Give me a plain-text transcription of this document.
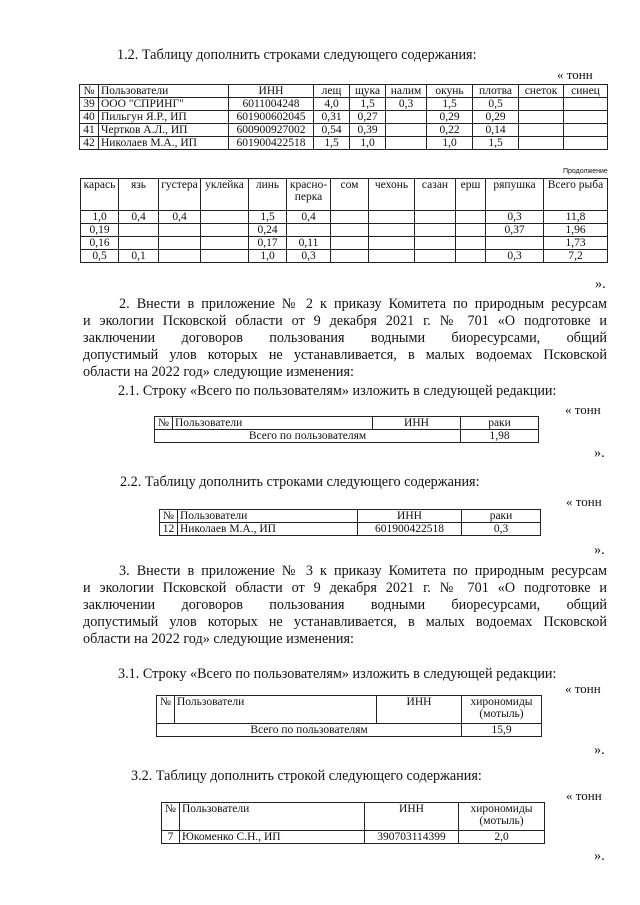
1.2. Таблицу дополнить строками следующего содержания:
« тонн
№	Пользователи	ИНН	лещ	щука	налим	окунь	плотва	снеток	синец
39	ООО "СПРИНГ"	6011004248	4,0	1,5	0,3	1,5	0,5		
40	Пильгун Я.Р., ИП	601900602045	0,31	0,27		0,29	0,29		
41	Чертков А.Л., ИП	600900927002	0,54	0,39		0,22	0,14		
42	Николаев М.А., ИП	601900422518	1,5	1,0		1,0	1,5		
Продолжение
карась	язь	густера	уклейка	линь	красно-перка	сом	чехонь	сазан	ерш	ряпушка	Всего рыба
1,0	0,4	0,4		1,5	0,4					0,3	11,8
0,19				0,24						0,37	1,96
0,16				0,17	0,11						1,73
0,5	0,1			1,0	0,3					0,3	7,2
».
2. Внести в приложение № 2 к приказу Комитета по природным ресурсам
и экологии Псковской области от 9 декабря 2021 г. № 701 «О подготовке и
заключении договоров пользования водными биоресурсами, общий
допустимый улов которых не устанавливается, в малых водоемах Псковской
области на 2022 год» следующие изменения:
2.1. Строку «Всего по пользователям» изложить в следующей редакции:
« тонн
№	Пользователи	ИНН	раки
Всего по пользователям			1,98
».
2.2. Таблицу дополнить строками следующего содержания:
« тонн
№	Пользователи	ИНН	раки
12	Николаев М.А., ИП	601900422518	0,3
».
3. Внести в приложение № 3 к приказу Комитета по природным ресурсам
и экологии Псковской области от 9 декабря 2021 г. № 701 «О подготовке и
заключении договоров пользования водными биоресурсами, общий
допустимый улов которых не устанавливается, в малых водоемах Псковской
области на 2022 год» следующие изменения:
3.1. Строку «Всего по пользователям» изложить в следующей редакции:
« тонн
№	Пользователи	ИНН	хирономиды (мотыль)
Всего по пользователям			15,9
».
3.2. Таблицу дополнить строкой следующего содержания:
« тонн
№	Пользователи	ИНН	хирономиды (мотыль)
7	Юкоменко С.Н., ИП	390703114399	2,0
».
